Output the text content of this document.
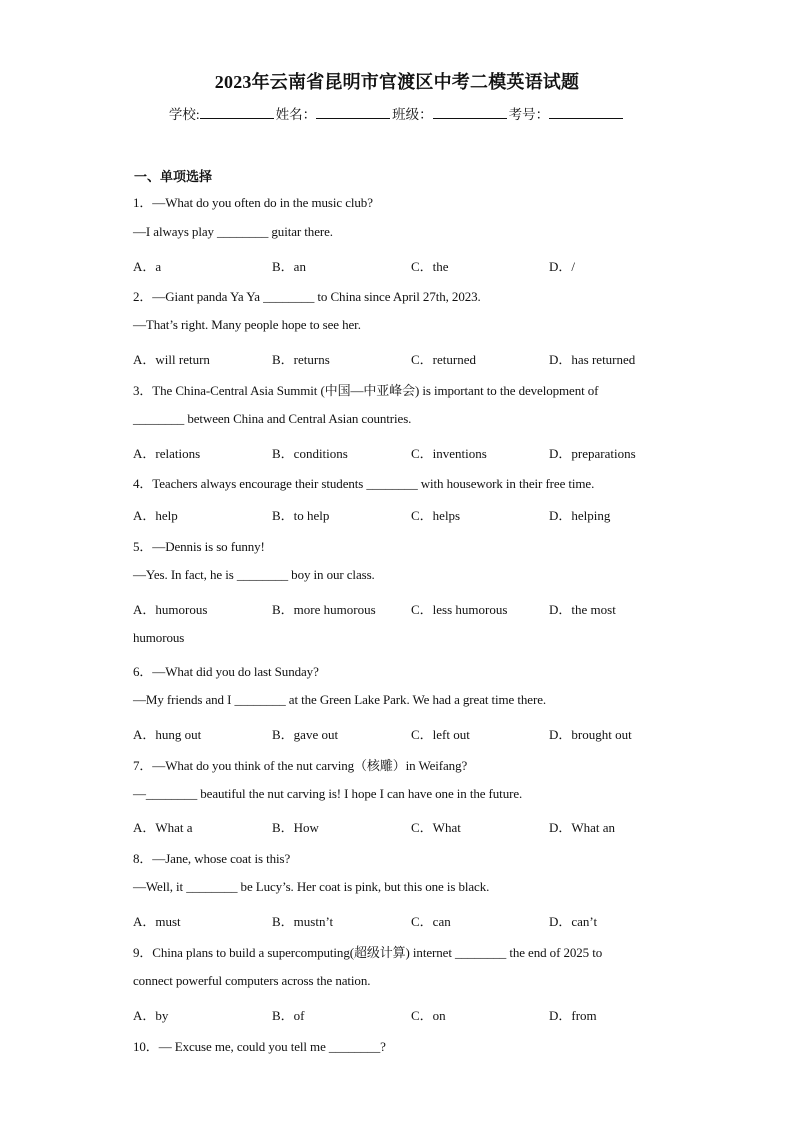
2023年云南省昆明市官渡区中考二模英语试题
学校:	姓名：	班级：	考号：
一、单项选择
1．—What do you often do in the music club?
—I always play ________ guitar there.
A．a	B．an	C．the	D．/
2．—Giant panda Ya Ya ________ to China since April 27th, 2023.
—That’s right. Many people hope to see her.
A．will return	B．returns	C．returned	D．has returned
3．The China-Central Asia Summit (中国—中亚峰会) is important to the development of
________ between China and Central Asian countries.
A．relations	B．conditions	C．inventions	D．preparations
4．Teachers always encourage their students ________ with housework in their free time.
A．help	B．to help	C．helps	D．helping
5．—Dennis is so funny!
—Yes. In fact, he is ________ boy in our class.
A．humorous	B．more humorous	C．less humorous	D．the most
humorous
6．—What did you do last Sunday?
—My friends and I ________ at the Green Lake Park. We had a great time there.
A．hung out	B．gave out	C．left out	D．brought out
7．—What do you think of the nut carving（核雕）in Weifang?
—________ beautiful the nut carving is! I hope I can have one in the future.
A．What a	B．How	C．What	D．What an
8．—Jane, whose coat is this?
—Well, it ________ be Lucy’s. Her coat is pink, but this one is black.
A．must	B．mustn’t	C．can	D．can’t
9．China plans to build a supercomputing(超级计算) internet ________ the end of 2025 to
connect powerful computers across the nation.
A．by	B．of	C．on	D．from
10．— Excuse me, could you tell me ________?
